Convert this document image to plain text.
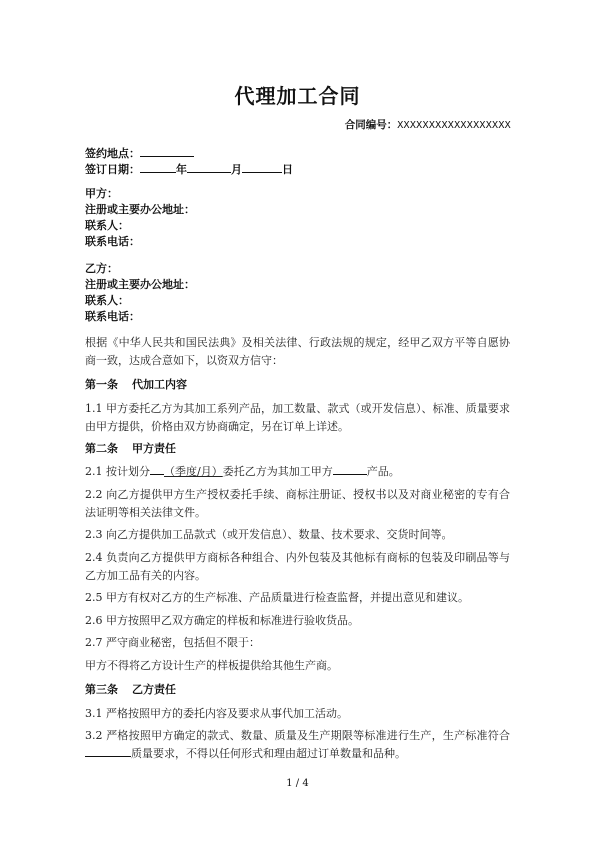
代理加工合同
合同编号：XXXXXXXXXXXXXXXXXX
签约地点：
签订日期：	年	月	日
甲方：
注册或主要办公地址：
联系人：
联系电话：
乙方：
注册或主要办公地址：
联系人：
联系电话：
根据《中华人民共和国民法典》及相关法律、行政法规的规定，经甲乙双方平等自愿协商一致，达成合意如下，以资双方信守：
第一条 代加工内容
1.1 甲方委托乙方为其加工系列产品，加工数量、款式（或开发信息）、标准、质量要求由甲方提供，价格由双方协商确定，另在订单上详述。
第二条 甲方责任
2.1 按计划分 （季度/月）委托乙方为其加工甲方	产品。
2.2 向乙方提供甲方生产授权委托手续、商标注册证、授权书以及对商业秘密的专有合法证明等相关法律文件。
2.3 向乙方提供加工品款式（或开发信息）、数量、技术要求、交货时间等。
2.4 负责向乙方提供甲方商标各种组合、内外包装及其他标有商标的包装及印刷品等与乙方加工品有关的内容。
2.5 甲方有权对乙方的生产标准、产品质量进行检查监督，并提出意见和建议。
2.6 甲方按照甲乙双方确定的样板和标准进行验收货品。
2.7 严守商业秘密，包括但不限于：
甲方不得将乙方设计生产的样板提供给其他生产商。
第三条 乙方责任
3.1 严格按照甲方的委托内容及要求从事代加工活动。
3.2 严格按照甲方确定的款式、数量、质量及生产期限等标准进行生产，生产标准符合质量要求，不得以任何形式和理由超过订单数量和品种。
1 / 4
